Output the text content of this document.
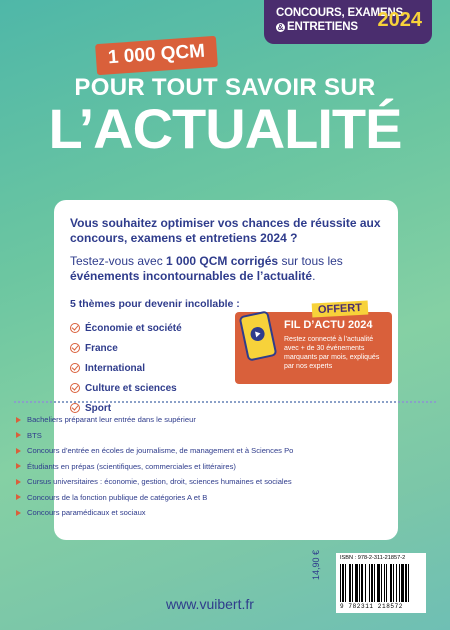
CONCOURS, EXAMENS
& ENTRETIENS 2024
1 000 QCM
POUR TOUT SAVOIR SUR
L’ACTUALITÉ

Vous souhaitez optimiser vos chances de réussite aux concours, examens et entretiens 2024 ?

Testez-vous avec 1 000 QCM corrigés sur tous les événements incontournables de l’actualité.

5 thèmes pour devenir incollable :

Économie et société
France
International
Culture et sciences
Sport
OFFERT
FIL D’ACTU 2024
Restez connecté à l’actualité avec + de 30 événements marquants par mois, expliqués par nos experts
Bacheliers préparant leur entrée dans le supérieur
BTS
Concours d’entrée en écoles de journalisme, de management et à Sciences Po
Étudiants en prépas (scientifiques, commerciales et littéraires)
Cursus universitaires : économie, gestion, droit, sciences humaines et sociales
Concours de la fonction publique de catégories A et B
Concours paramédicaux et sociaux
14,90 €	ISBN : 978-2-311-21857-2
9 782311 218572
www.vuibert.fr
